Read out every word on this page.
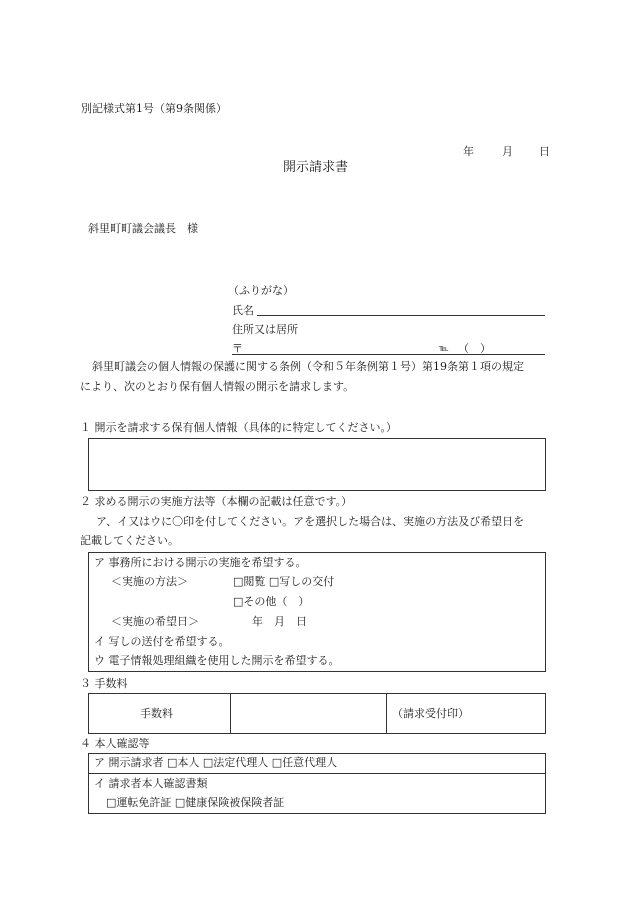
別記様式第1号（第9条関係）
年	月 日
開示請求書
斜里町町議会議長　様
（ふりがな）
氏名
住所又は居所
〒	℡ （　）
斜里町議会の個人情報の保護に関する条例（令和５年条例第１号）第19条第１項の規定
により、次のとおり保有個人情報の開示を請求します。
１ 開示を請求する保有個人情報（具体的に特定してください。）
２ 求める開示の実施方法等（本欄の記載は任意です。）
ア、イ又はウに〇印を付してください。アを選択した場合は、実施の方法及び希望日を
記載してください。
ア 事務所における開示の実施を希望する。
＜実施の方法＞	□閲覧 □写しの交付
□その他（　）
＜実施の希望日＞	年　月　日
イ 写しの送付を希望する。
ウ 電子情報処理組織を使用した開示を希望する。
３ 手数料
手数料	（請求受付印）
４ 本人確認等
ア 開示請求者 □本人 □法定代理人 □任意代理人
イ 請求者本人確認書類
□運転免許証 □健康保険被保険者証
